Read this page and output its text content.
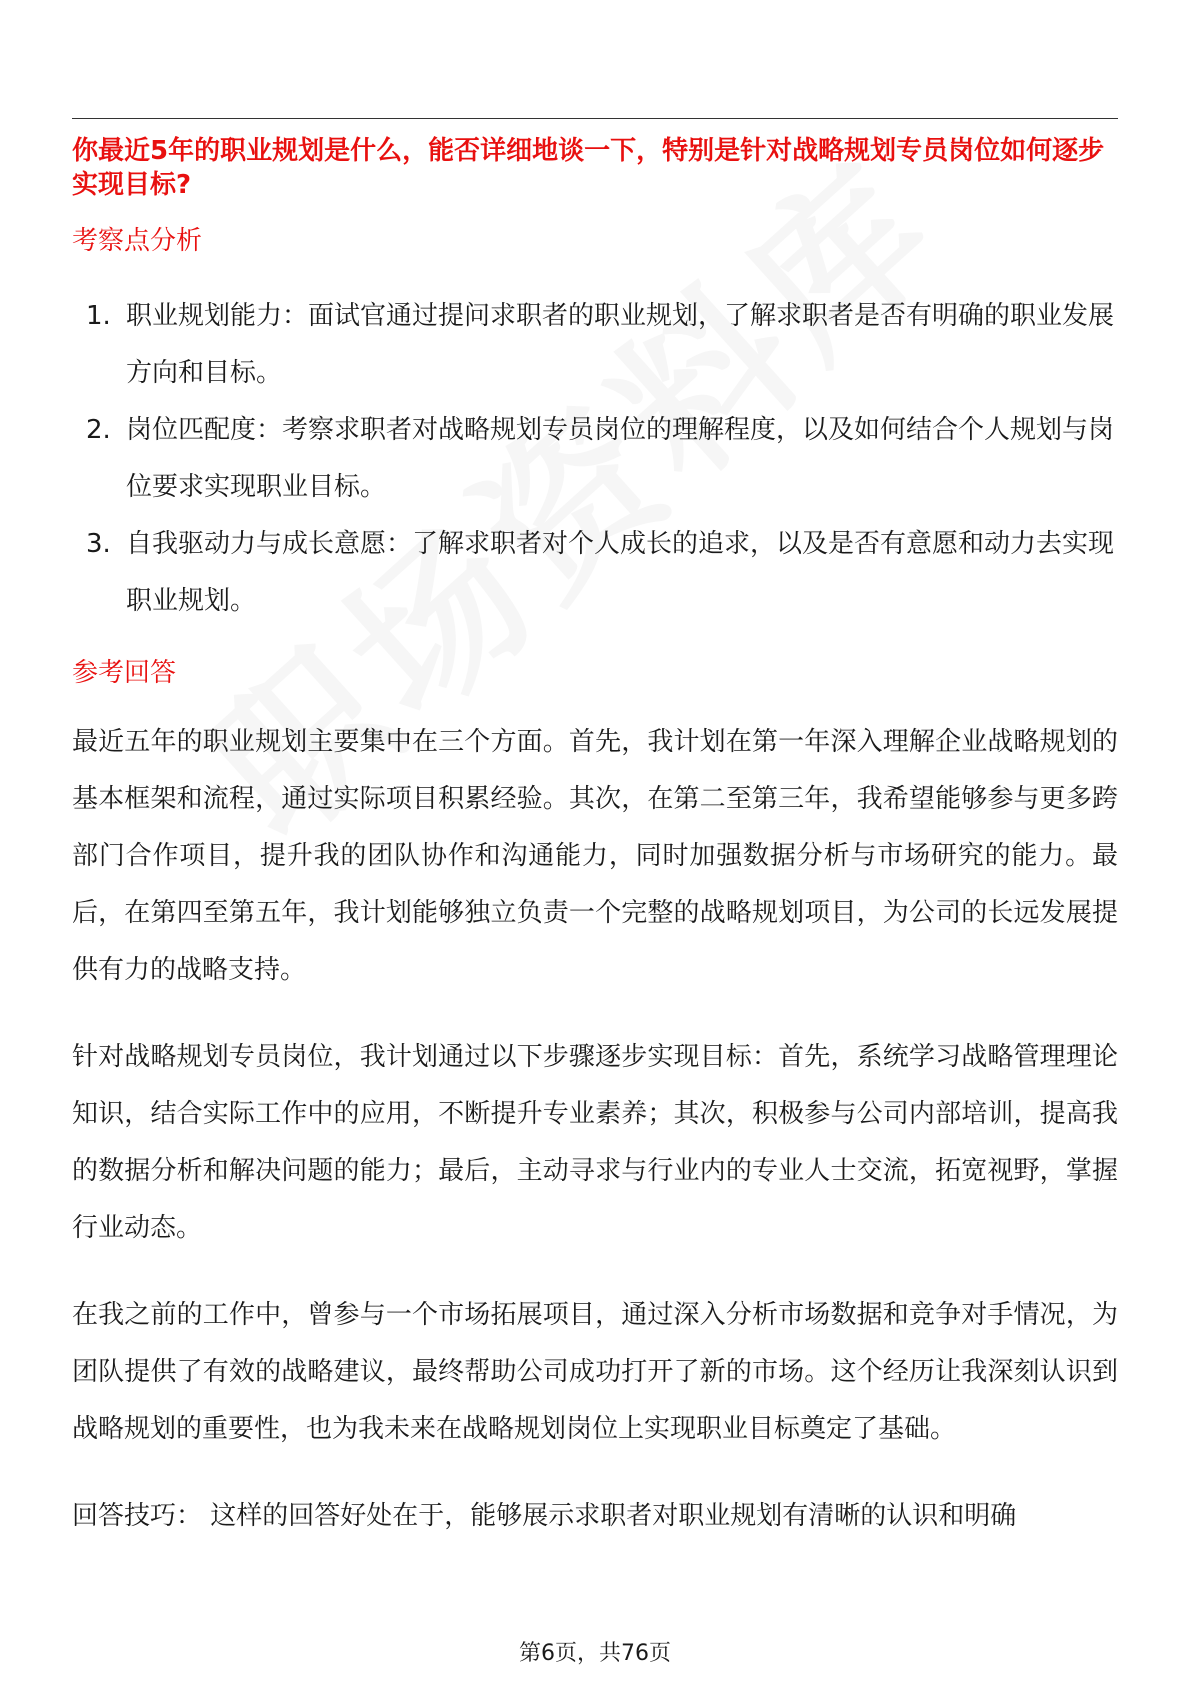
你最近5年的职业规划是什么，能否详细地谈一下，特别是针对战略规划专员岗位如何逐步实现目标?
考察点分析
1. 职业规划能力：面试官通过提问求职者的职业规划，了解求职者是否有明确的职业发展方向和目标。
2. 岗位匹配度：考察求职者对战略规划专员岗位的理解程度，以及如何结合个人规划与岗位要求实现职业目标。
3. 自我驱动力与成长意愿：了解求职者对个人成长的追求，以及是否有意愿和动力去实现职业规划。
参考回答

最近五年的职业规划主要集中在三个方面。首先，我计划在第一年深入理解企业战略规划的基本框架和流程，通过实际项目积累经验。其次，在第二至第三年，我希望能够参与更多跨部门合作项目，提升我的团队协作和沟通能力，同时加强数据分析与市场研究的能力。最后，在第四至第五年，我计划能够独立负责一个完整的战略规划项目，为公司的长远发展提供有力的战略支持。

针对战略规划专员岗位，我计划通过以下步骤逐步实现目标：首先，系统学习战略管理理论知识，结合实际工作中的应用，不断提升专业素养；其次，积极参与公司内部培训，提高我的数据分析和解决问题的能力；最后，主动寻求与行业内的专业人士交流，拓宽视野，掌握行业动态。

在我之前的工作中，曾参与一个市场拓展项目，通过深入分析市场数据和竞争对手情况，为团队提供了有效的战略建议，最终帮助公司成功打开了新的市场。这个经历让我深刻认识到战略规划的重要性，也为我未来在战略规划岗位上实现职业目标奠定了基础。

回答技巧： 这样的回答好处在于，能够展示求职者对职业规划有清晰的认识和明确

第6页，共76页
